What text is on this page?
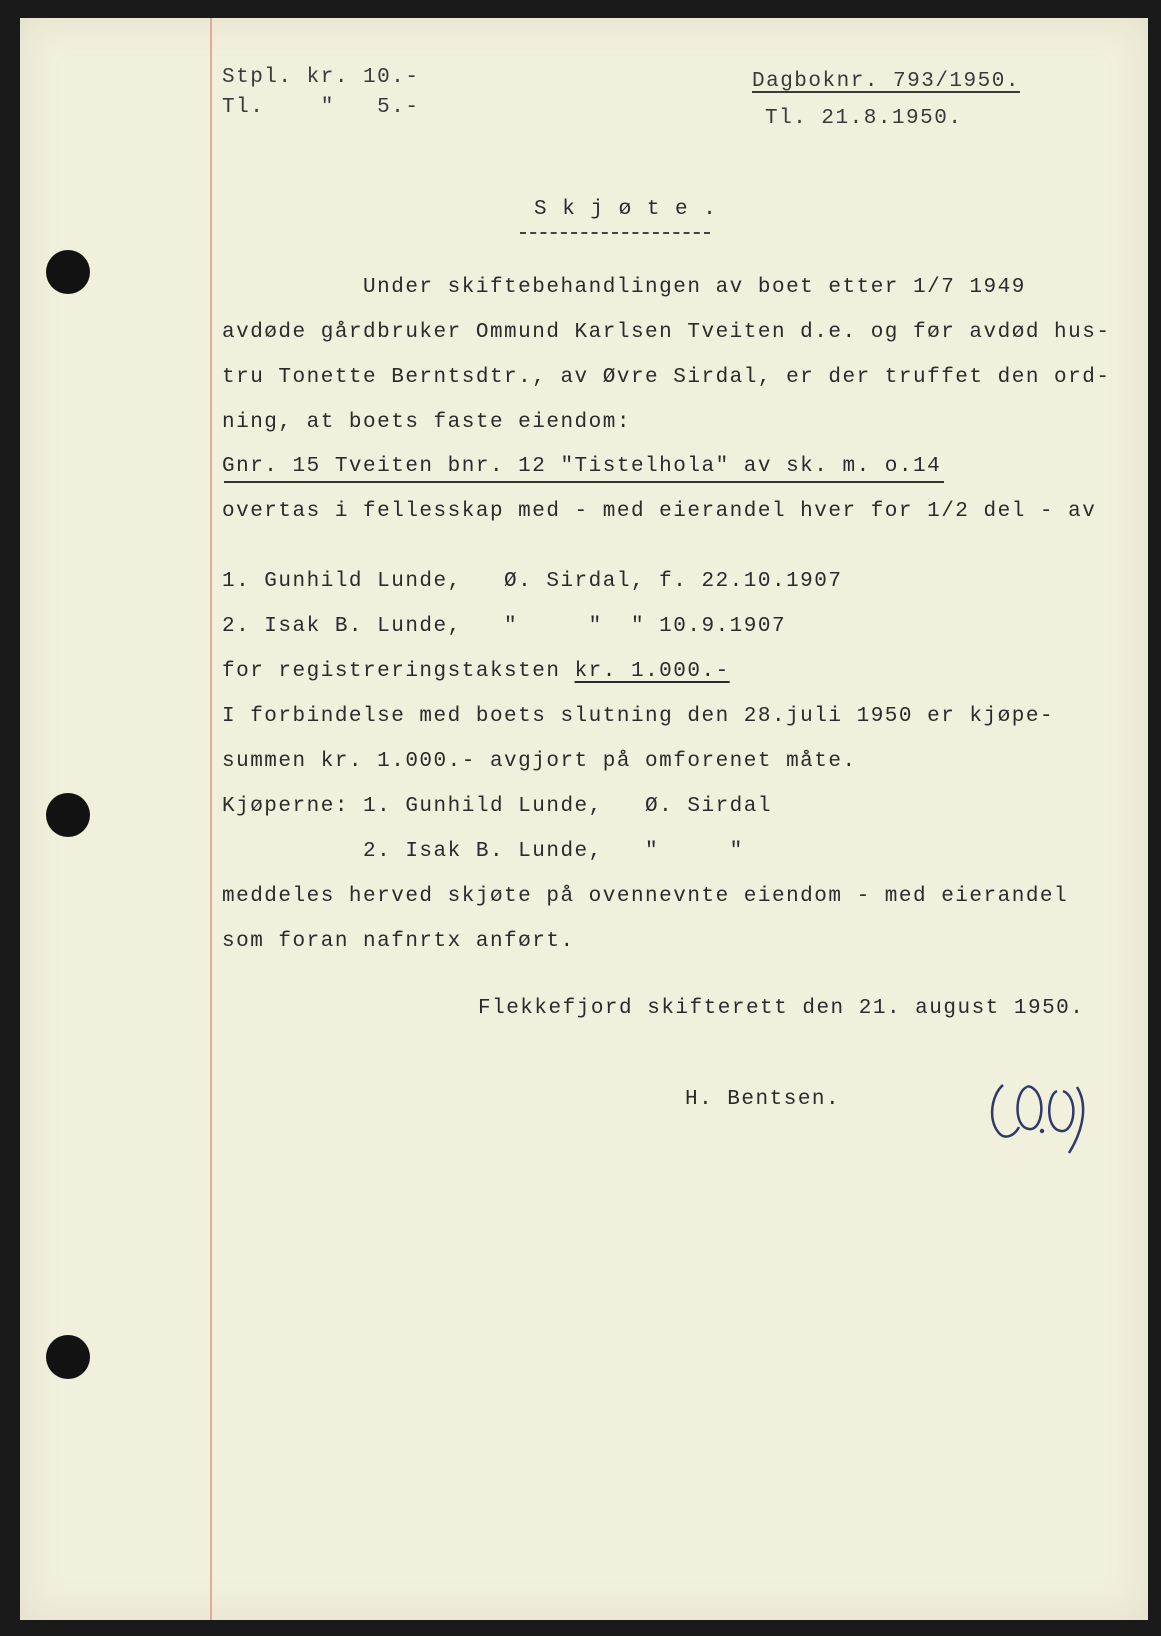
Stpl. kr. 10.-
Tl.    "   5.-
Dagboknr. 793/1950.
Tl. 21.8.1950.
S k j ø t e .
Under skiftebehandlingen av boet etter 1/7 1949
avdøde gårdbruker Ommund Karlsen Tveiten d.e. og før avdød hus-
tru Tonette Berntsdtr., av Øvre Sirdal, er der truffet den ord-
ning, at boets faste eiendom:
Gnr. 15 Tveiten bnr. 12 "Tistelhola" av sk. m. o.14
overtas i fellesskap med - med eierandel hver for 1/2 del - av
1. Gunhild Lunde,   Ø. Sirdal, f. 22.10.1907
2. Isak B. Lunde,   "     "  " 10.9.1907
for registreringstaksten kr. 1.000.-
I forbindelse med boets slutning den 28.juli 1950 er kjøpe-
summen kr. 1.000.- avgjort på omforenet måte.
Kjøperne: 1. Gunhild Lunde,   Ø. Sirdal
2. Isak B. Lunde,   "     "
meddeles herved skjøte på ovennevnte eiendom - med eierandel
som foran nafnrtx anført.
Flekkefjord skifterett den 21. august 1950.
H. Bentsen.
